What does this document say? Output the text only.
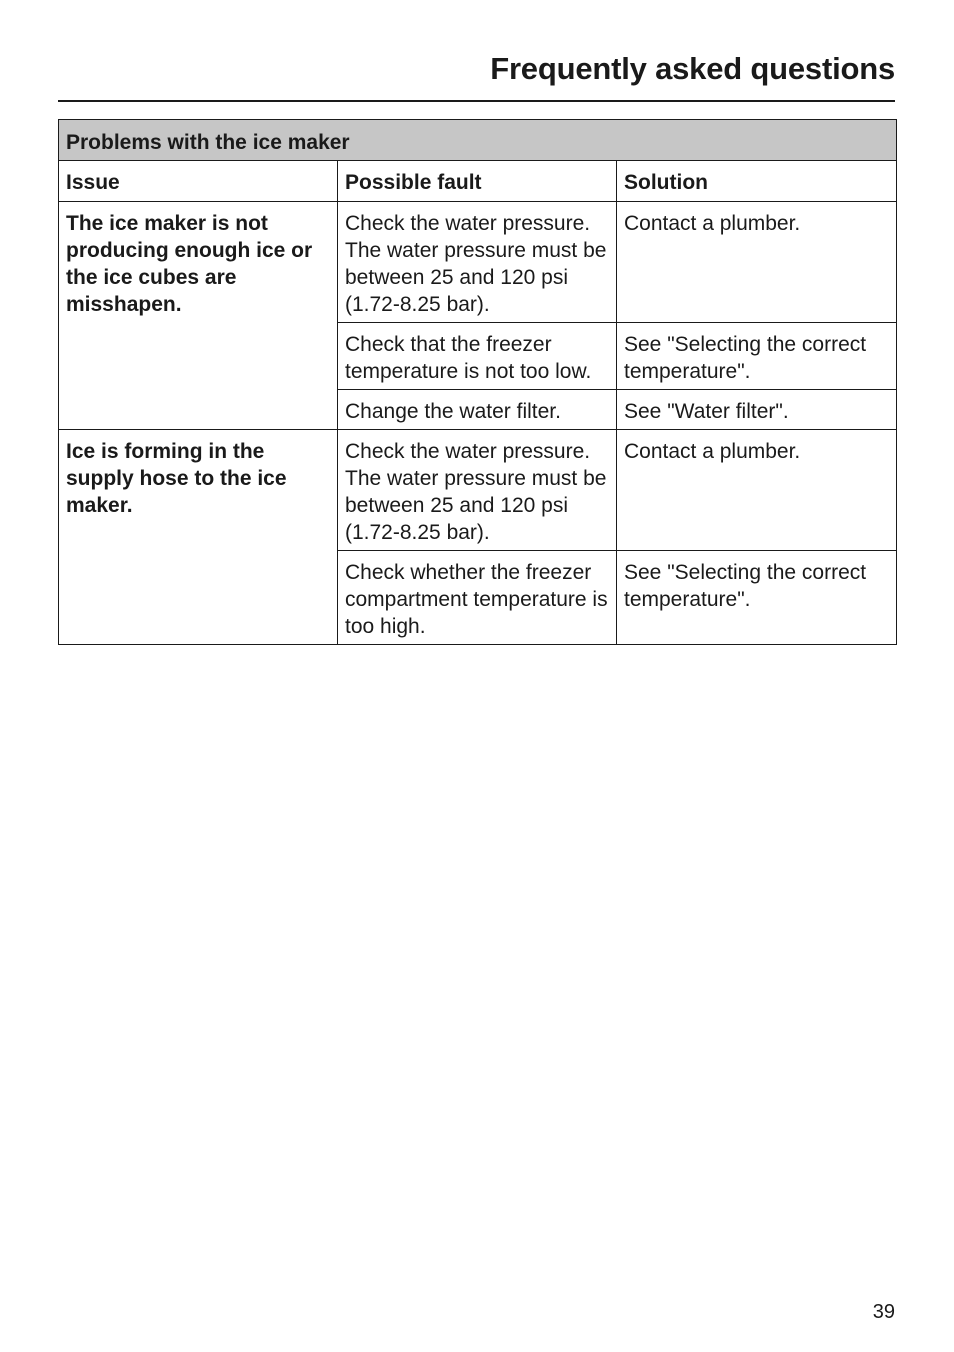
Frequently asked questions
Problems with the ice maker		
Issue	Possible fault	Solution
The ice maker is not producing enough ice or the ice cubes are misshapen.	Check the water pressure. The water pressure must be between 25 and 120 psi (1.72-8.25 bar).	Contact a plumber.
	Check that the freezer temperature is not too low.	See "Selecting the correct temperature".
	Change the water filter.	See "Water filter".
Ice is forming in the supply hose to the ice maker.	Check the water pressure. The water pressure must be between 25 and 120 psi (1.72-8.25 bar).	Contact a plumber.
	Check whether the freezer compartment temperature is too high.	See "Selecting the correct temperature".
39
